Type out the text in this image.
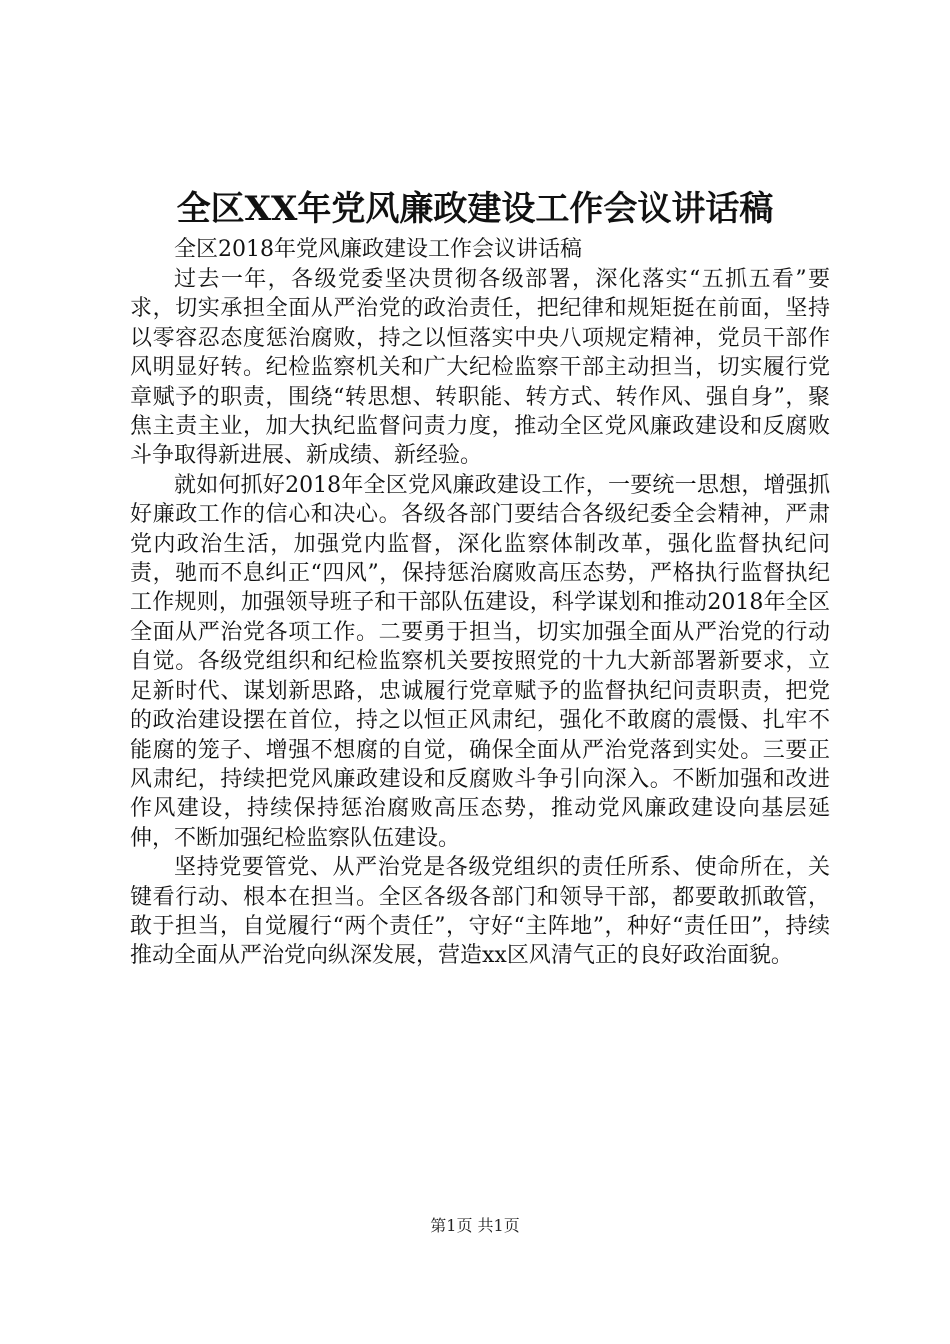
全区XX年党风廉政建设工作会议讲话稿

全区2018年党风廉政建设工作会议讲话稿

过去一年，各级党委坚决贯彻各级部署，深化落实“五抓五看”要求，切实承担全面从严治党的政治责任，把纪律和规矩挺在前面，坚持以零容忍态度惩治腐败，持之以恒落实中央八项规定精神，党员干部作风明显好转。纪检监察机关和广大纪检监察干部主动担当，切实履行党章赋予的职责，围绕“转思想、转职能、转方式、转作风、强自身”，聚焦主责主业，加大执纪监督问责力度，推动全区党风廉政建设和反腐败斗争取得新进展、新成绩、新经验。

就如何抓好2018年全区党风廉政建设工作，一要统一思想，增强抓好廉政工作的信心和决心。各级各部门要结合各级纪委全会精神，严肃党内政治生活，加强党内监督，深化监察体制改革，强化监督执纪问责，驰而不息纠正“四风”，保持惩治腐败高压态势，严格执行监督执纪工作规则，加强领导班子和干部队伍建设，科学谋划和推动2018年全区全面从严治党各项工作。二要勇于担当，切实加强全面从严治党的行动自觉。各级党组织和纪检监察机关要按照党的十九大新部署新要求，立足新时代、谋划新思路，忠诚履行党章赋予的监督执纪问责职责，把党的政治建设摆在首位，持之以恒正风肃纪，强化不敢腐的震慑、扎牢不能腐的笼子、增强不想腐的自觉，确保全面从严治党落到实处。三要正风肃纪，持续把党风廉政建设和反腐败斗争引向深入。不断加强和改进作风建设，持续保持惩治腐败高压态势，推动党风廉政建设向基层延伸，不断加强纪检监察队伍建设。

坚持党要管党、从严治党是各级党组织的责任所系、使命所在，关键看行动、根本在担当。全区各级各部门和领导干部，都要敢抓敢管，敢于担当，自觉履行“两个责任”，守好“主阵地”，种好“责任田”，持续推动全面从严治党向纵深发展，营造xx区风清气正的良好政治面貌。

第1页 共1页
